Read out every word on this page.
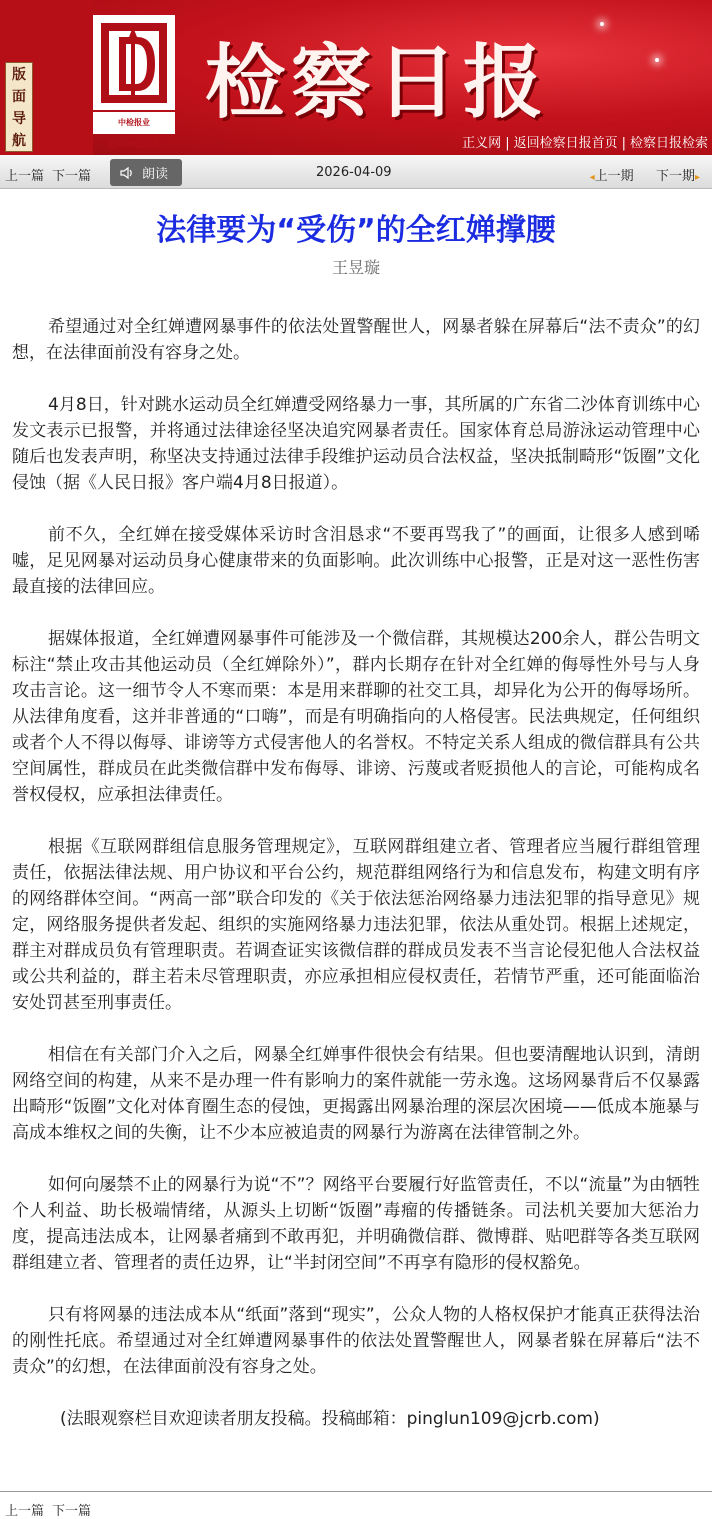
版
面
导
航
中检报业 ZHONGJIAN
检察日报
正义网 | 返回检察日报首页 | 检察日报检索
上一篇 下一篇	朗读	2026-04-09	◂上一期 下一期▸
法律要为“受伤”的全红婵撑腰
王昱璇

希望通过对全红婵遭网暴事件的依法处置警醒世人，网暴者躲在屏幕后“法不责众”的幻想，在法律面前没有容身之处。

4月8日，针对跳水运动员全红婵遭受网络暴力一事，其所属的广东省二沙体育训练中心发文表示已报警，并将通过法律途径坚决追究网暴者责任。国家体育总局游泳运动管理中心随后也发表声明，称坚决支持通过法律手段维护运动员合法权益，坚决抵制畸形“饭圈”文化侵蚀（据《人民日报》客户端4月8日报道）。

前不久，全红婵在接受媒体采访时含泪恳求“不要再骂我了”的画面，让很多人感到唏嘘，足见网暴对运动员身心健康带来的负面影响。此次训练中心报警，正是对这一恶性伤害最直接的法律回应。

据媒体报道，全红婵遭网暴事件可能涉及一个微信群，其规模达200余人，群公告明文标注“禁止攻击其他运动员（全红婵除外）”，群内长期存在针对全红婵的侮辱性外号与人身攻击言论。这一细节令人不寒而栗：本是用来群聊的社交工具，却异化为公开的侮辱场所。从法律角度看，这并非普通的“口嗨”，而是有明确指向的人格侵害。民法典规定，任何组织或者个人不得以侮辱、诽谤等方式侵害他人的名誉权。不特定关系人组成的微信群具有公共空间属性，群成员在此类微信群中发布侮辱、诽谤、污蔑或者贬损他人的言论，可能构成名誉权侵权，应承担法律责任。

根据《互联网群组信息服务管理规定》，互联网群组建立者、管理者应当履行群组管理责任，依据法律法规、用户协议和平台公约，规范群组网络行为和信息发布，构建文明有序的网络群体空间。“两高一部”联合印发的《关于依法惩治网络暴力违法犯罪的指导意见》规定，网络服务提供者发起、组织的实施网络暴力违法犯罪，依法从重处罚。根据上述规定，群主对群成员负有管理职责。若调查证实该微信群的群成员发表不当言论侵犯他人合法权益或公共利益的，群主若未尽管理职责，亦应承担相应侵权责任，若情节严重，还可能面临治安处罚甚至刑事责任。

相信在有关部门介入之后，网暴全红婵事件很快会有结果。但也要清醒地认识到，清朗网络空间的构建，从来不是办理一件有影响力的案件就能一劳永逸。这场网暴背后不仅暴露出畸形“饭圈”文化对体育圈生态的侵蚀，更揭露出网暴治理的深层次困境——低成本施暴与高成本维权之间的失衡，让不少本应被追责的网暴行为游离在法律管制之外。

如何向屡禁不止的网暴行为说“不”？网络平台要履行好监管责任，不以“流量”为由牺牲个人利益、助长极端情绪，从源头上切断“饭圈”毒瘤的传播链条。司法机关要加大惩治力度，提高违法成本，让网暴者痛到不敢再犯，并明确微信群、微博群、贴吧群等各类互联网群组建立者、管理者的责任边界，让“半封闭空间”不再享有隐形的侵权豁免。

只有将网暴的违法成本从“纸面”落到“现实”，公众人物的人格权保护才能真正获得法治的刚性托底。希望通过对全红婵遭网暴事件的依法处置警醒世人，网暴者躲在屏幕后“法不责众”的幻想，在法律面前没有容身之处。

(法眼观察栏目欢迎读者朋友投稿。投稿邮箱：pinglun109@jcrb.com)

上一篇 下一篇
